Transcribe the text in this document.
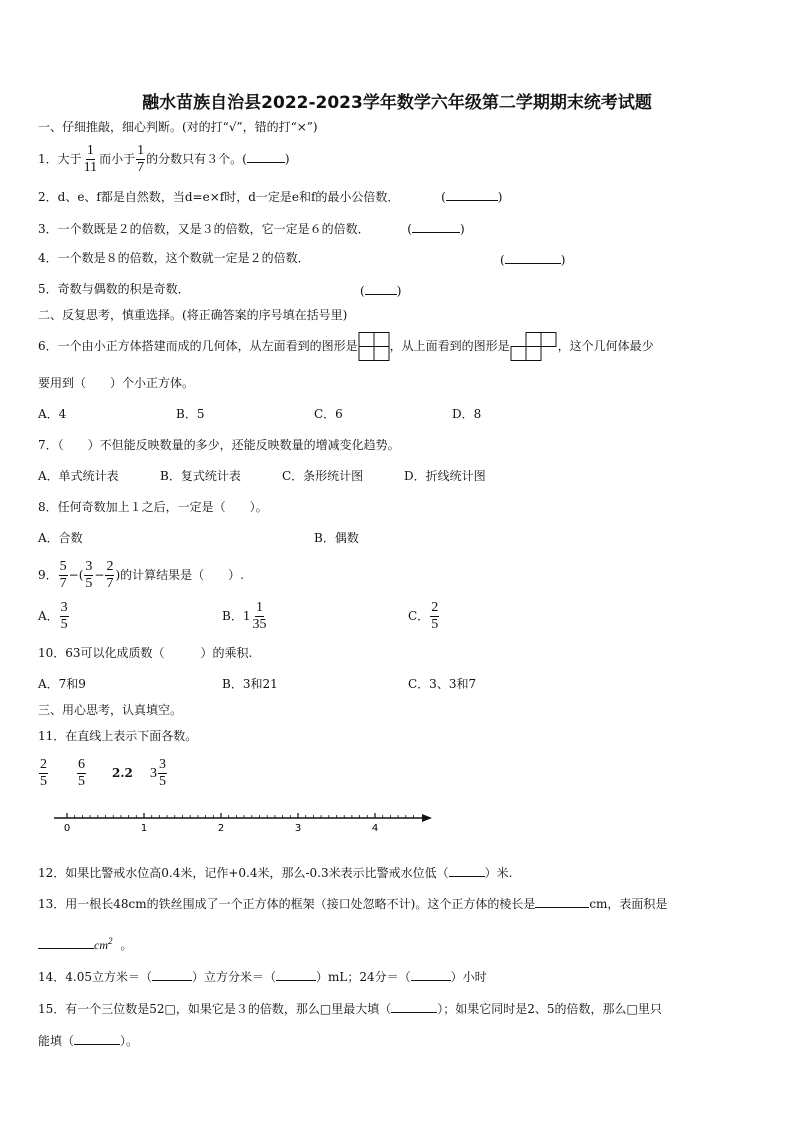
融水苗族自治县2022-2023学年数学六年级第二学期期末统考试题
一、仔细推敲，细心判断。(对的打“√”，错的打“×”)
1．大于 $\frac{1}{11}$ 而小于 $\frac{1}{7}$ 的分数只有３个。(	)
2．d、e、f都是自然数，当d=e×f时，d一定是e和f的最小公倍数．	(	)
3．一个数既是２的倍数，又是３的倍数，它一定是６的倍数．	(	)
4．一个数是８的倍数，这个数就一定是２的倍数．	(	)
5．奇数与偶数的积是奇数．	(	)
二、反复思考，慎重选择。(将正确答案的序号填在括号里)
6．一个由小正方体搭建而成的几何体，从左面看到的图形是	，从上面看到的图形是	，这个几何体最少
要用到（　　）个小正方体。
A．4	B．5	C．6	D．8
7．（　　）不但能反映数量的多少，还能反映数量的增减变化趋势。
A．单式统计表	B．复式统计表	C．条形统计图	D．折线统计图
8．任何奇数加上１之后，一定是（　　）。
A．合数	B．偶数
9． $\frac{5}{7}$ −( $\frac{3}{5} - \frac{2}{7}$ )的计算结果是（　　）.
A． $\frac{3}{5}$	B．$1 \frac{1}{35}$	C． $\frac{2}{5}$
10．63可以化成质数（　　　）的乘积.
A．7和9	B．3和21	C．3、3和7
三、用心思考，认真填空。
11．在直线上表示下面各数。
$\frac{2}{5} \frac{6}{5} 2.2$ $3 \frac{3}{5}$
0	1	2	3	4
12．如果比警戒水位高0.4米，记作+0.4米，那么-0.3米表示比警戒水位低（	）米.
13．用一根长48cm的铁丝围成了一个正方体的框架（接口处忽略不计)。这个正方体的棱长是	cm，表面积是
$cm^2$ 。
14．4.05立方米＝（	）立方分米＝（	）mL；24分＝（	）小时
15．有一个三位数是52□，如果它是３的倍数，那么□里最大填（	）；如果它同时是2、5的倍数，那么□里只
能填（	）。
